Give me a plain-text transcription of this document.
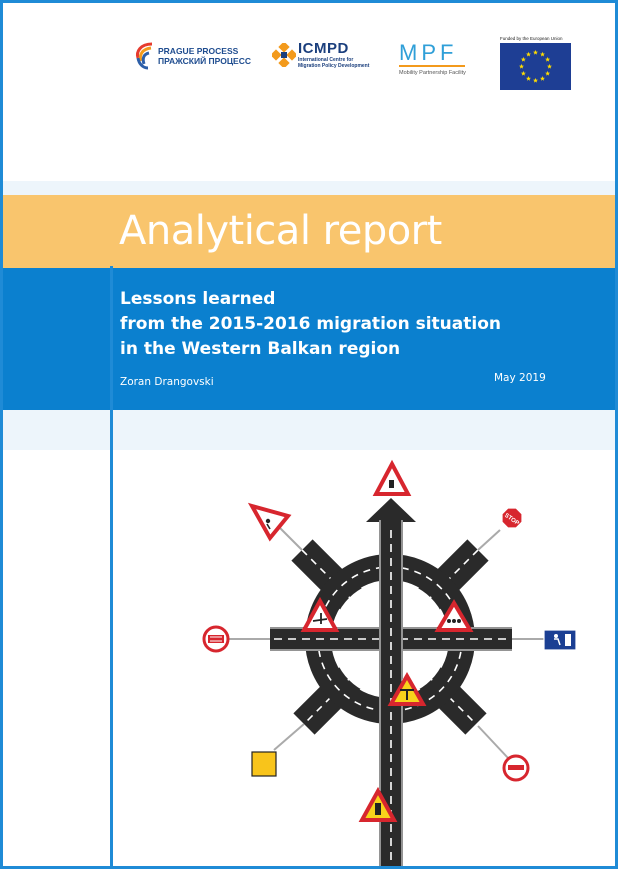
PRAGUE PROCESS
ПРАЖСКИЙ ПРОЦЕСС
ICMPD
International Centre for
Migration Policy Development
MPF
Mobility Partnership Facility
Funded by the European Union
Analytical report
Lessons learned
from the 2015-2016 migration situation
in the Western Balkan region
Zoran Drangovski	May 2019
STOP
